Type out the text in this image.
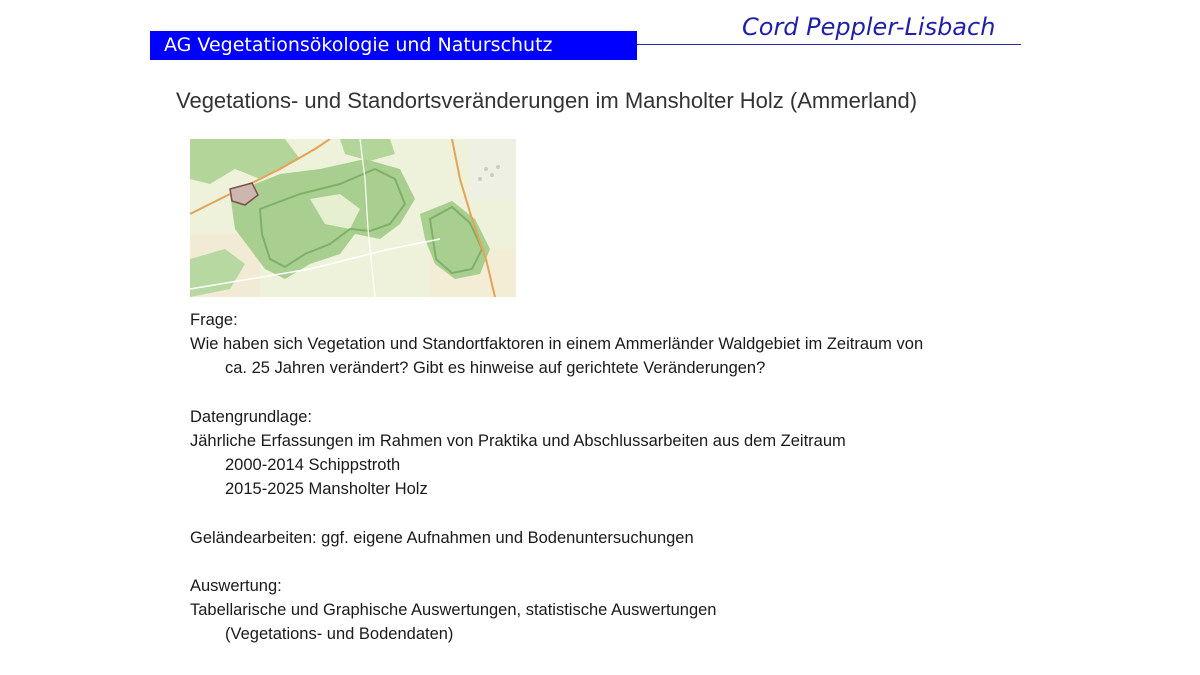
AG Vegetationsökologie und Naturschutz
Cord Peppler-Lisbach
Vegetations- und Standortsveränderungen im Mansholter Holz (Ammerland)
Frage:
Wie haben sich Vegetation und Standortfaktoren in einem Ammerländer Waldgebiet im Zeitraum von
ca. 25 Jahren verändert? Gibt es hinweise auf gerichtete Veränderungen?
Datengrundlage:
Jährliche Erfassungen im Rahmen von Praktika und Abschlussarbeiten aus dem Zeitraum
2000-2014 Schippstroth
2015-2025 Mansholter Holz
Geländearbeiten: ggf. eigene Aufnahmen und Bodenuntersuchungen
Auswertung:
Tabellarische und Graphische Auswertungen, statistische Auswertungen
(Vegetations- und Bodendaten)
